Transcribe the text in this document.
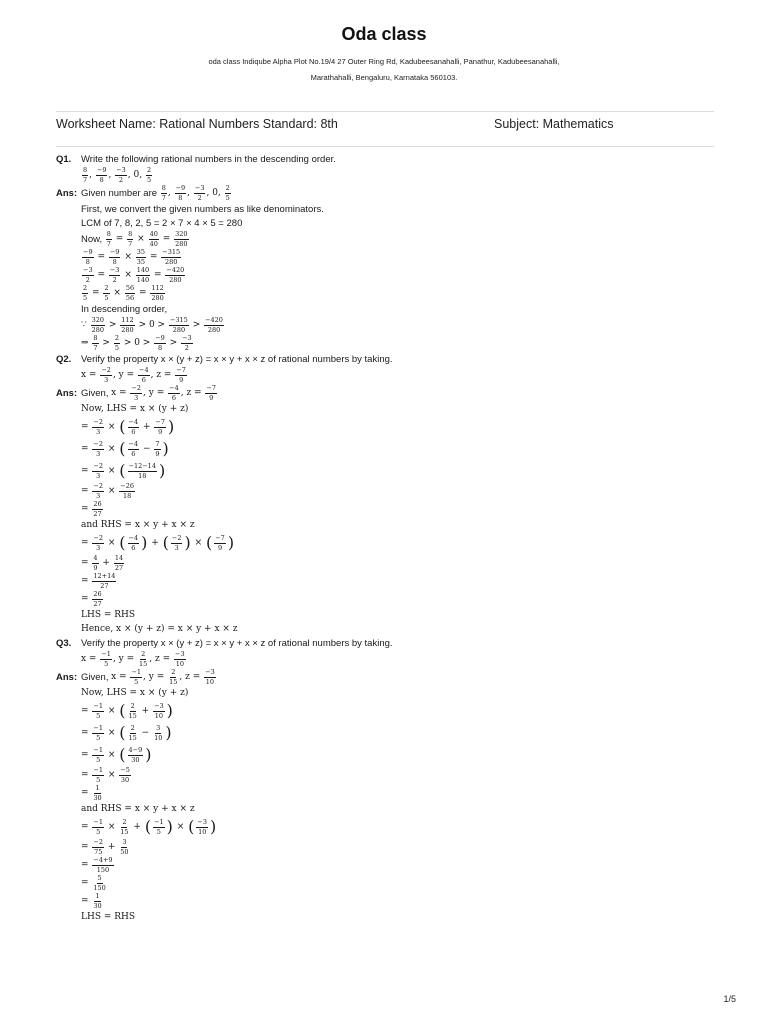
Oda class
oda class Indiqube Alpha Plot No.19/4 27 Outer Ring Rd, Kadubeesanahalli, Panathur, Kadubeesanahalli,
Marathahalli, Bengaluru, Karnataka 560103.
Worksheet Name: Rational Numbers Standard: 8th	Subject: Mathematics
Q1.	Write the following rational numbers in the descending order.
$\frac{8}{7}$ , $\frac{-9}{8}$ , $\frac{-3}{2}$ , 0, $\frac{2}{5}$
Ans: Given number are
$\frac{8}{7}$ , $\frac{-9}{8}$ , $\frac{-3}{2}$ , 0, $\frac{2}{5}$
First, we convert the given numbers as like denominators.
LCM of 7, 8, 2, 5 = 2 × 7 × 4 × 5 = 280
Now,
$\frac{8}{7} = \frac{8}{7} \times \frac{40}{40} = \frac{320}{280}$
$\frac{-9}{8} = \frac{-9}{8} \times \frac{35}{35} = \frac{-315}{280}$
$\frac{-3}{2} = \frac{-3}{2} \times \frac{140}{140} = \frac{-420}{280}$
$\frac{2}{5} = \frac{2}{5} \times \frac{56}{56} = \frac{112}{280}$
In descending order,
∵ $\frac{320}{280} > \frac{112}{280} > 0 > \frac{-315}{280} > \frac{-420}{280}$
⇒ $\frac{8}{7} > \frac{2}{5} > 0 > \frac{-9}{8} > \frac{-3}{2}$
Q2.	Verify the property x × (y + z) = x × y + x × z of rational numbers by taking.
$x = \frac{-2}{3}$ , $y = \frac{-4}{6}$ , $z = \frac{-7}{9}$
Ans: Given,
$x = \frac{-2}{3}$ , $y = \frac{-4}{6}$ , $z = \frac{-7}{9}$
Now, LHS = x × (y + z)
= $\frac{-2}{3}$ × ( $\frac{-4}{6} + \frac{-7}{9}$ )
= $\frac{-2}{3}$ × ( $\frac{-4}{6} - \frac{7}{9}$ )
= $\frac{-2}{3}$ × ( $\frac{-12-14}{18}$ )
= $\frac{-2}{3} \times \frac{-26}{18}$
= $\frac{26}{27}$
and RHS = x × y + x × z
= $\frac{-2}{3}$ × ( $\frac{-4}{6}$ ) + ( $\frac{-2}{3}$ ) × ( $\frac{-7}{9}$ )
= $\frac{4}{9} + \frac{14}{27}$
= $\frac{12+14}{27}$
= $\frac{26}{27}$
LHS = RHS
Hence, x × (y + z) = x × y + x × z
Q3.	Verify the property x × (y + z) = x × y + x × z of rational numbers by taking.
$x = \frac{-1}{5}$ , $y = \frac{2}{15}$ , $z = \frac{-3}{10}$
Ans: Given,
$x = \frac{-1}{5}$ , $y = \frac{2}{15}$ , $z = \frac{-3}{10}$
Now, LHS = x × (y + z)
= $\frac{-1}{5}$ × ( $\frac{2}{15} + \frac{-3}{10}$ )
= $\frac{-1}{5}$ × ( $\frac{2}{15} - \frac{3}{10}$ )
= $\frac{-1}{5}$ × ( $\frac{4-9}{30}$ )
= $\frac{-1}{5} \times \frac{-5}{30}$
= $\frac{1}{30}$
and RHS = x × y + x × z
= $\frac{-1}{5} \times \frac{2}{15}$ + ( $\frac{-1}{5}$ ) × ( $\frac{-3}{10}$ )
= $\frac{-2}{75} + \frac{3}{50}$
= $\frac{-4+9}{150}$
= $\frac{5}{150}$
= $\frac{1}{30}$
LHS = RHS
1/5
